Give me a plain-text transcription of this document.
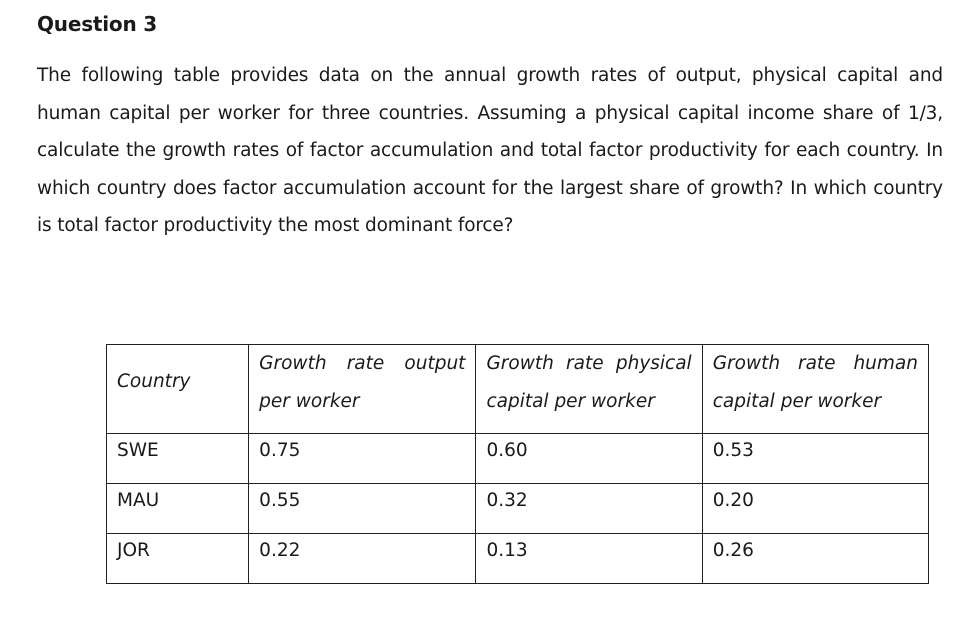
Question 3
The following table provides data on the annual growth rates of output, physical capital and human capital per worker for three countries. Assuming a physical capital income share of 1/3, calculate the growth rates of factor accumulation and total factor productivity for each country. In which country does factor accumulation account for the largest share of growth? In which country is total factor productivity the most dominant force?
Country	Growth rate output per worker	Growth rate physical capital per worker	Growth rate human capital per worker

SWE	0.75	0.60	0.53

MAU	0.55	0.32	0.20

JOR	0.22	0.13	0.26
